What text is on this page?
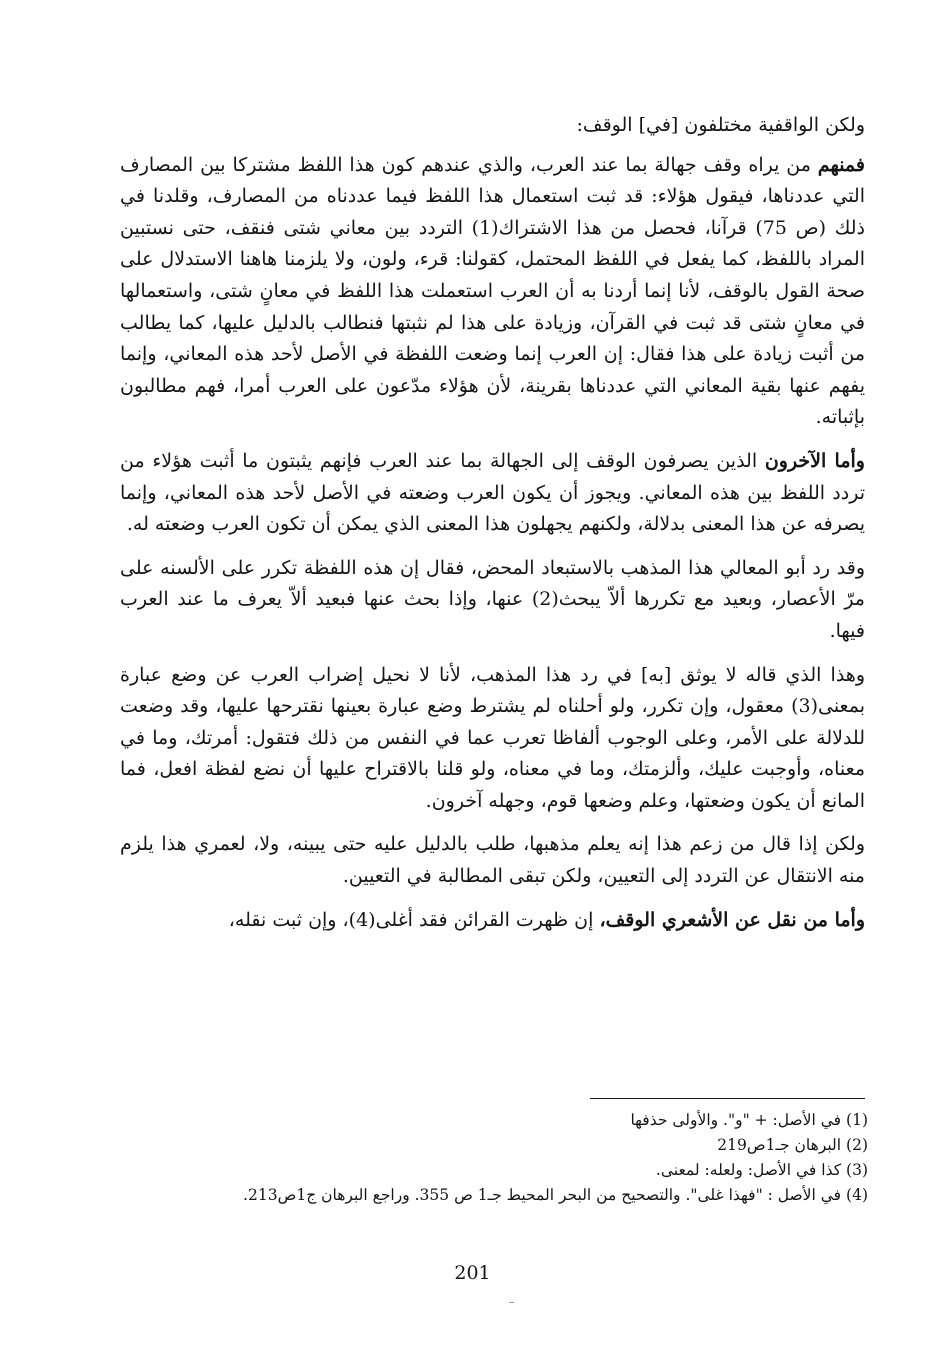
ولكن الواقفية مختلفون [في] الوقف:

فمنهم من يراه وقف جهالة بما عند العرب، والذي عندهم كون هذا اللفظ مشتركا بين المصارف التي عددناها، فيقول هؤلاء: قد ثبت استعمال هذا اللفظ فيما عددناه من المصارف، وقلدنا في ذلك (ص 75) قرآنا، فحصل من هذا الاشتراك(1) التردد بين معاني شتى فنقف، حتى نستبين المراد باللفظ، كما يفعل في اللفظ المحتمل، كقولنا: قرء، ولون، ولا يلزمنا هاهنا الاستدلال على صحة القول بالوقف، لأنا إنما أردنا به أن العرب استعملت هذا اللفظ في معانٍ شتى، واستعمالها في معانٍ شتى قد ثبت في القرآن، وزيادة على هذا لم نثبتها فنطالب بالدليل عليها، كما يطالب من أثبت زيادة على هذا فقال: إن العرب إنما وضعت اللفظة في الأصل لأحد هذه المعاني، وإنما يفهم عنها بقية المعاني التي عددناها بقرينة، لأن هؤلاء مدّعون على العرب أمرا، فهم مطالبون بإثباته.

وأما الآخرون الذين يصرفون الوقف إلى الجهالة بما عند العرب فإنهم يثبتون ما أثبت هؤلاء من تردد اللفظ بين هذه المعاني. ويجوز أن يكون العرب وضعته في الأصل لأحد هذه المعاني، وإنما يصرفه عن هذا المعنى بدلالة، ولكنهم يجهلون هذا المعنى الذي يمكن أن تكون العرب وضعته له.

وقد رد أبو المعالي هذا المذهب بالاستبعاد المحض، فقال إن هذه اللفظة تكرر على الألسنه على مرّ الأعصار، وبعيد مع تكررها ألاّ يبحث(2) عنها، وإذا بحث عنها فبعيد ألاّ يعرف ما عند العرب فيها.

وهذا الذي قاله لا يوثق [به] في رد هذا المذهب، لأنا لا نحيل إضراب العرب عن وضع عبارة بمعنى(3) معقول، وإن تكرر، ولو أحلناه لم يشترط وضع عبارة بعينها نقترحها عليها، وقد وضعت للدلالة على الأمر، وعلى الوجوب ألفاظا تعرب عما في النفس من ذلك فتقول: أمرتك، وما في معناه، وأوجبت عليك، وألزمتك، وما في معناه، ولو قلنا بالاقتراح عليها أن نضع لفظة افعل، فما المانع أن يكون وضعتها، وعلم وضعها قوم، وجهله آخرون.

ولكن إذا قال من زعم هذا إنه يعلم مذهبها، طلب بالدليل عليه حتى يبينه، ولا، لعمري هذا يلزم منه الانتقال عن التردد إلى التعيين، ولكن تبقى المطالبة في التعيين.

وأما من نقل عن الأشعري الوقف، إن ظهرت القرائن فقد أغلى(4)، وإن ثبت نقله،

(1) في الأصل: + "و". والأولى حذفها
(2) البرهان جـ1ص219
(3) كذا في الأصل: ولعله: لمعنى.
(4) في الأصل : "فهذا غلى". والتصحيح من البحر المحيط جـ1 ص 355. وراجع البرهان ج1ص213.
201
